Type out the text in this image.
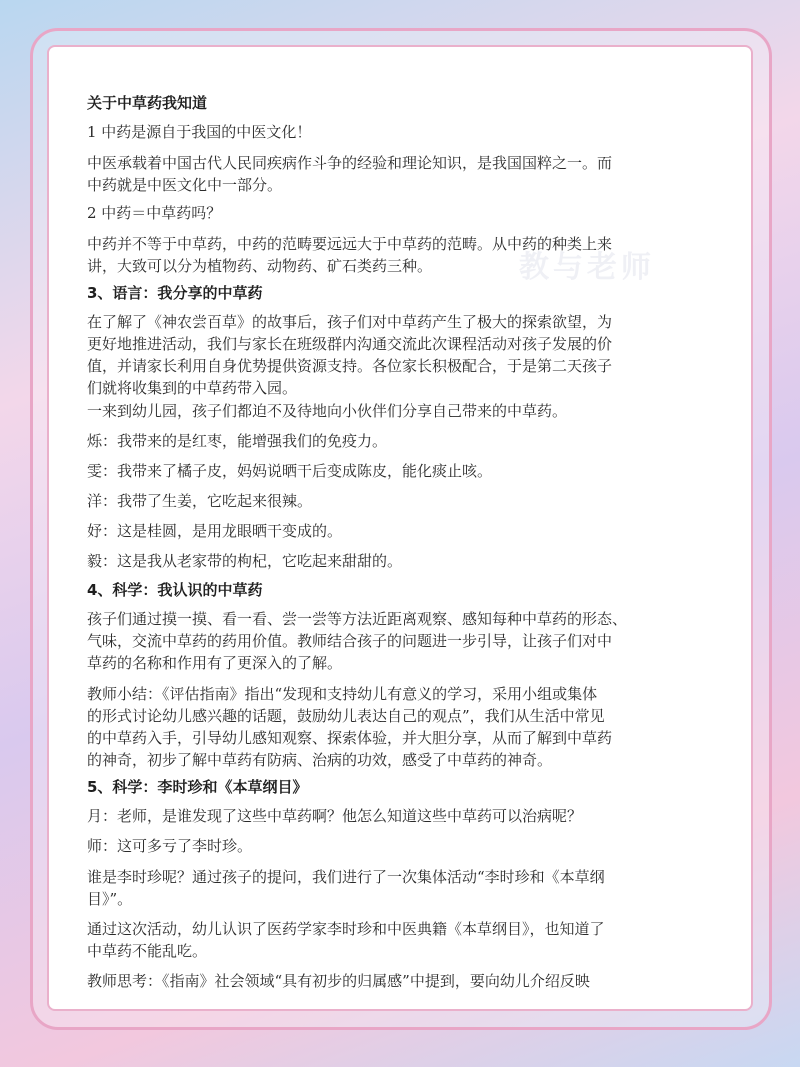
教与老师
关于中草药我知道
1 中药是源自于我国的中医文化！
中医承载着中国古代人民同疾病作斗争的经验和理论知识，是我国国粹之一。而
中药就是中医文化中一部分。
2 中药＝中草药吗？
中药并不等于中草药，中药的范畴要远远大于中草药的范畴。从中药的种类上来
讲，大致可以分为植物药、动物药、矿石类药三种。
3、语言：我分享的中草药
在了解了《神农尝百草》的故事后，孩子们对中草药产生了极大的探索欲望，为
更好地推进活动，我们与家长在班级群内沟通交流此次课程活动对孩子发展的价
值，并请家长利用自身优势提供资源支持。各位家长积极配合，于是第二天孩子
们就将收集到的中草药带入园。
一来到幼儿园，孩子们都迫不及待地向小伙伴们分享自己带来的中草药。
烁：我带来的是红枣，能增强我们的免疫力。
雯：我带来了橘子皮，妈妈说晒干后变成陈皮，能化痰止咳。
洋：我带了生姜，它吃起来很辣。
妤：这是桂圆，是用龙眼晒干变成的。
毅：这是我从老家带的枸杞，它吃起来甜甜的。
4、科学：我认识的中草药
孩子们通过摸一摸、看一看、尝一尝等方法近距离观察、感知每种中草药的形态、
气味，交流中草药的药用价值。教师结合孩子的问题进一步引导，让孩子们对中
草药的名称和作用有了更深入的了解。
教师小结：《评估指南》指出“发现和支持幼儿有意义的学习，采用小组或集体
的形式讨论幼儿感兴趣的话题，鼓励幼儿表达自己的观点”，我们从生活中常见
的中草药入手，引导幼儿感知观察、探索体验，并大胆分享，从而了解到中草药
的神奇，初步了解中草药有防病、治病的功效，感受了中草药的神奇。
5、科学：李时珍和《本草纲目》
月：老师，是谁发现了这些中草药啊？他怎么知道这些中草药可以治病呢？
师：这可多亏了李时珍。
谁是李时珍呢？通过孩子的提问，我们进行了一次集体活动“李时珍和《本草纲
目》”。
通过这次活动，幼儿认识了医药学家李时珍和中医典籍《本草纲目》，也知道了
中草药不能乱吃。
教师思考：《指南》社会领域“具有初步的归属感”中提到，要向幼儿介绍反映
